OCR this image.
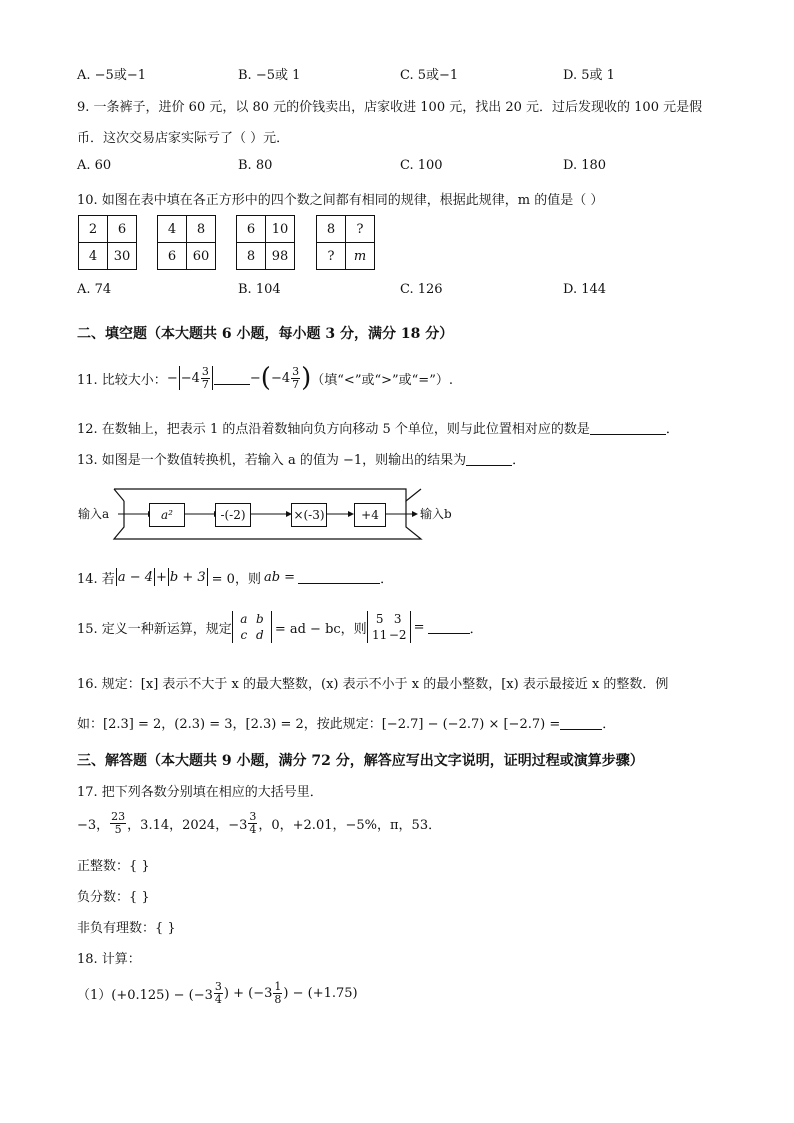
A. −5或−1	B. −5或 1	C. 5或−1	D. 5或 1
9. 一条裤子，进价 60 元，以 80 元的价钱卖出，店家收进 100 元，找出 20 元．过后发现收的 100 元是假
币．这次交易店家实际亏了（ ）元．
A. 60	B. 80	C. 100	D. 180
10. 如图在表中填在各正方形中的四个数之间都有相同的规律，根据此规律，m 的值是（ ）
2	6
4	30
4	8
6	60
6	10
8	98
8	?
?	m
A. 74	B. 104	C. 126	D. 144
二、填空题（本大题共 6 小题，每小题 3 分，满分 18 分）
11. 比较大小： − $-4 \frac{3}{7}$	− ( $-4 \frac{3}{7}$ ) （填“<”或“>”或“=”）.
12. 在数轴上，把表示 1 的点沿着数轴向负方向移动 5 个单位，则与此位置相对应的数是	．
13. 如图是一个数值转换机，若输入 a 的值为 −1，则输出的结果为	．
输入a	a²	-(-2)	×(-3)	+4	输入b
14. 若 a − 4 + b + 3 = 0，则 ab =	．
15. 定义一种新运算，规定
a b
c d = ad − bc，则
5 3
11 −2
=	．
16. 规定：[x] 表示不大于 x 的最大整数，(x) 表示不小于 x 的最小整数，[x) 表示最接近 x 的整数．例
如：[2.3] = 2，(2.3) = 3，[2.3) = 2，按此规定：[−2.7] − (−2.7) × [−2.7) =	．
三、解答题（本大题共 9 小题，满分 72 分，解答应写出文字说明，证明过程或演算步骤）
17. 把下列各数分别填在相应的大括号里．
−3， $\frac{23}{5}$ ，3.14，2024，$-3 \frac{3}{4}$ ，0，+2.01，−5%，π，53．
正整数：{ }
负分数：{ }
非负有理数：{ }
18. 计算：
$(1)(+0.125) - (-3 \frac{3}{4}$ ) + ($-3 \frac{1}{8}$ ) − (+1.75)
